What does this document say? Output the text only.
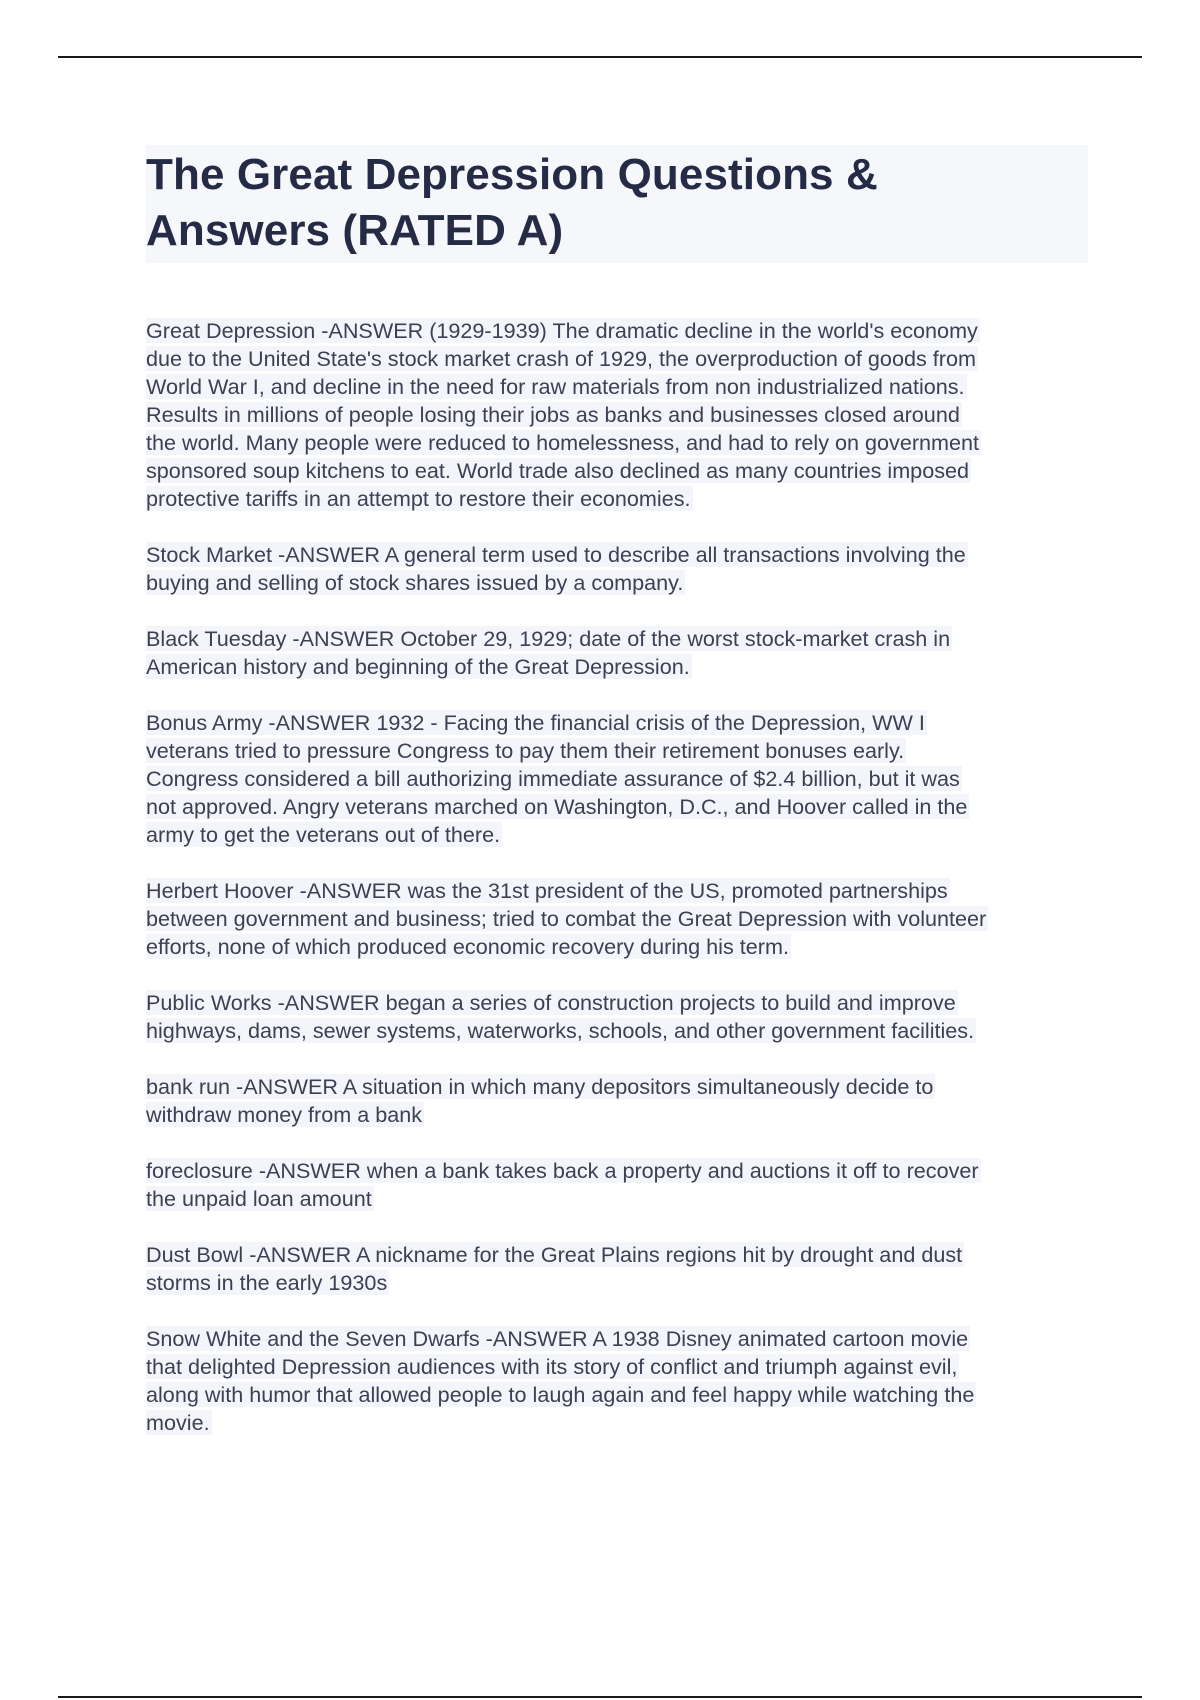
The Great Depression Questions &
Answers (RATED A)

Great Depression -ANSWER (1929-1939) The dramatic decline in the world's economy
due to the United State's stock market crash of 1929, the overproduction of goods from
World War I, and decline in the need for raw materials from non industrialized nations.
Results in millions of people losing their jobs as banks and businesses closed around
the world. Many people were reduced to homelessness, and had to rely on government
sponsored soup kitchens to eat. World trade also declined as many countries imposed
protective tariffs in an attempt to restore their economies.

Stock Market -ANSWER A general term used to describe all transactions involving the
buying and selling of stock shares issued by a company.

Black Tuesday -ANSWER October 29, 1929; date of the worst stock-market crash in
American history and beginning of the Great Depression.

Bonus Army -ANSWER 1932 - Facing the financial crisis of the Depression, WW I
veterans tried to pressure Congress to pay them their retirement bonuses early.
Congress considered a bill authorizing immediate assurance of $2.4 billion, but it was
not approved. Angry veterans marched on Washington, D.C., and Hoover called in the
army to get the veterans out of there.

Herbert Hoover -ANSWER was the 31st president of the US, promoted partnerships
between government and business; tried to combat the Great Depression with volunteer
efforts, none of which produced economic recovery during his term.

Public Works -ANSWER began a series of construction projects to build and improve
highways, dams, sewer systems, waterworks, schools, and other government facilities.

bank run -ANSWER A situation in which many depositors simultaneously decide to
withdraw money from a bank

foreclosure -ANSWER when a bank takes back a property and auctions it off to recover
the unpaid loan amount

Dust Bowl -ANSWER A nickname for the Great Plains regions hit by drought and dust
storms in the early 1930s

Snow White and the Seven Dwarfs -ANSWER A 1938 Disney animated cartoon movie
that delighted Depression audiences with its story of conflict and triumph against evil,
along with humor that allowed people to laugh again and feel happy while watching the
movie.
